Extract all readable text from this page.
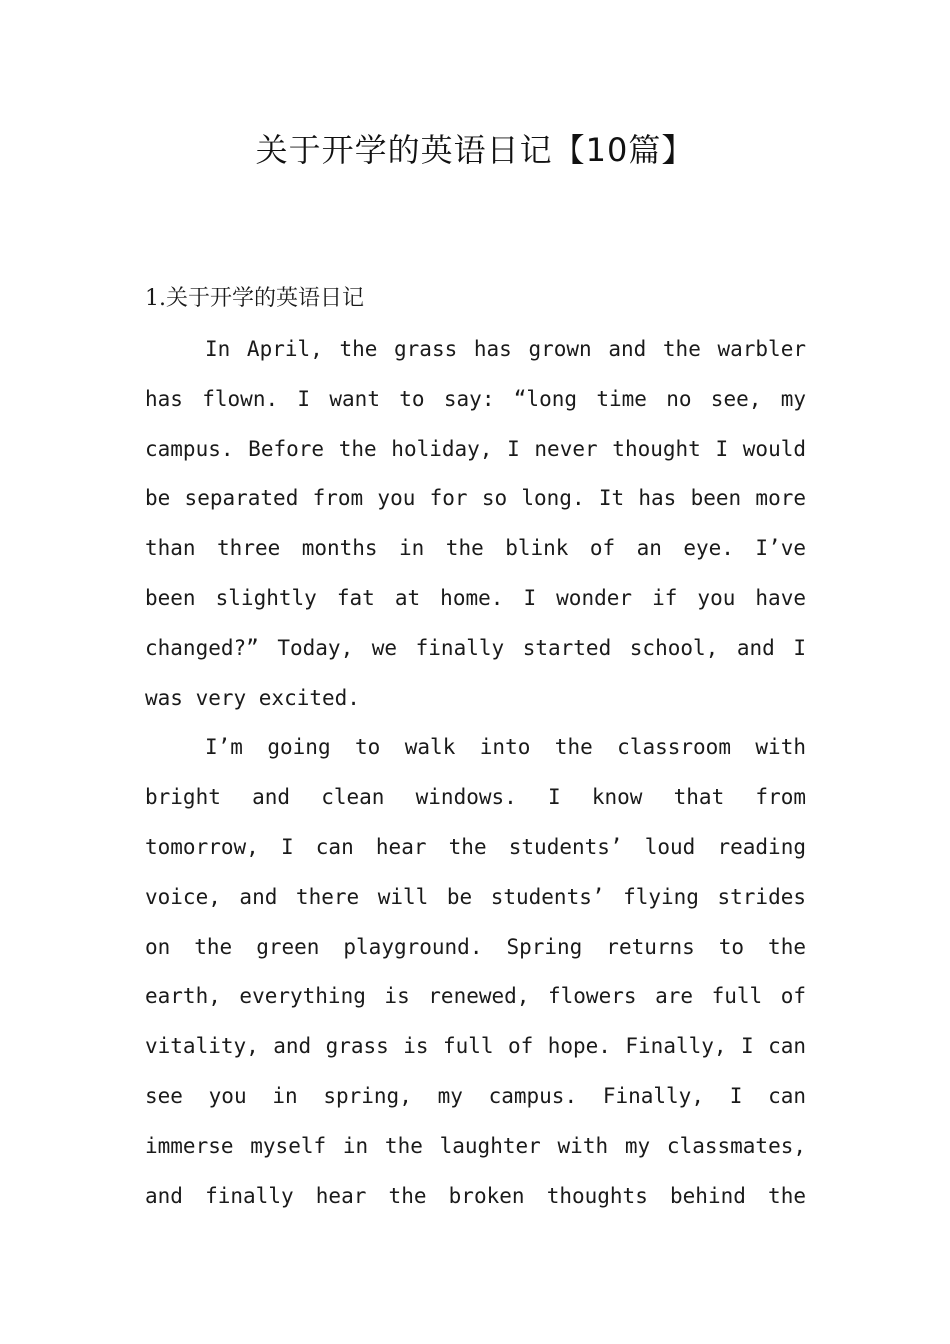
关于开学的英语日记【10篇】
1.关于开学的英语日记
In April, the grass has grown and the warbler
has flown. I want to say: “long time no see, my
campus. Before the holiday, I never thought I would
be separated from you for so long. It has been more
than three months in the blink of an eye. I’ve
been slightly fat at home. I wonder if you have
changed?” Today, we finally started school, and I
was very excited.
I’m going to walk into the classroom with
bright and clean windows. I know that from
tomorrow, I can hear the students’ loud reading
voice, and there will be students’ flying strides
on the green playground. Spring returns to the
earth, everything is renewed, flowers are full of
vitality, and grass is full of hope. Finally, I can
see you in spring, my campus. Finally, I can
immerse myself in the laughter with my classmates,
and finally hear the broken thoughts behind the
